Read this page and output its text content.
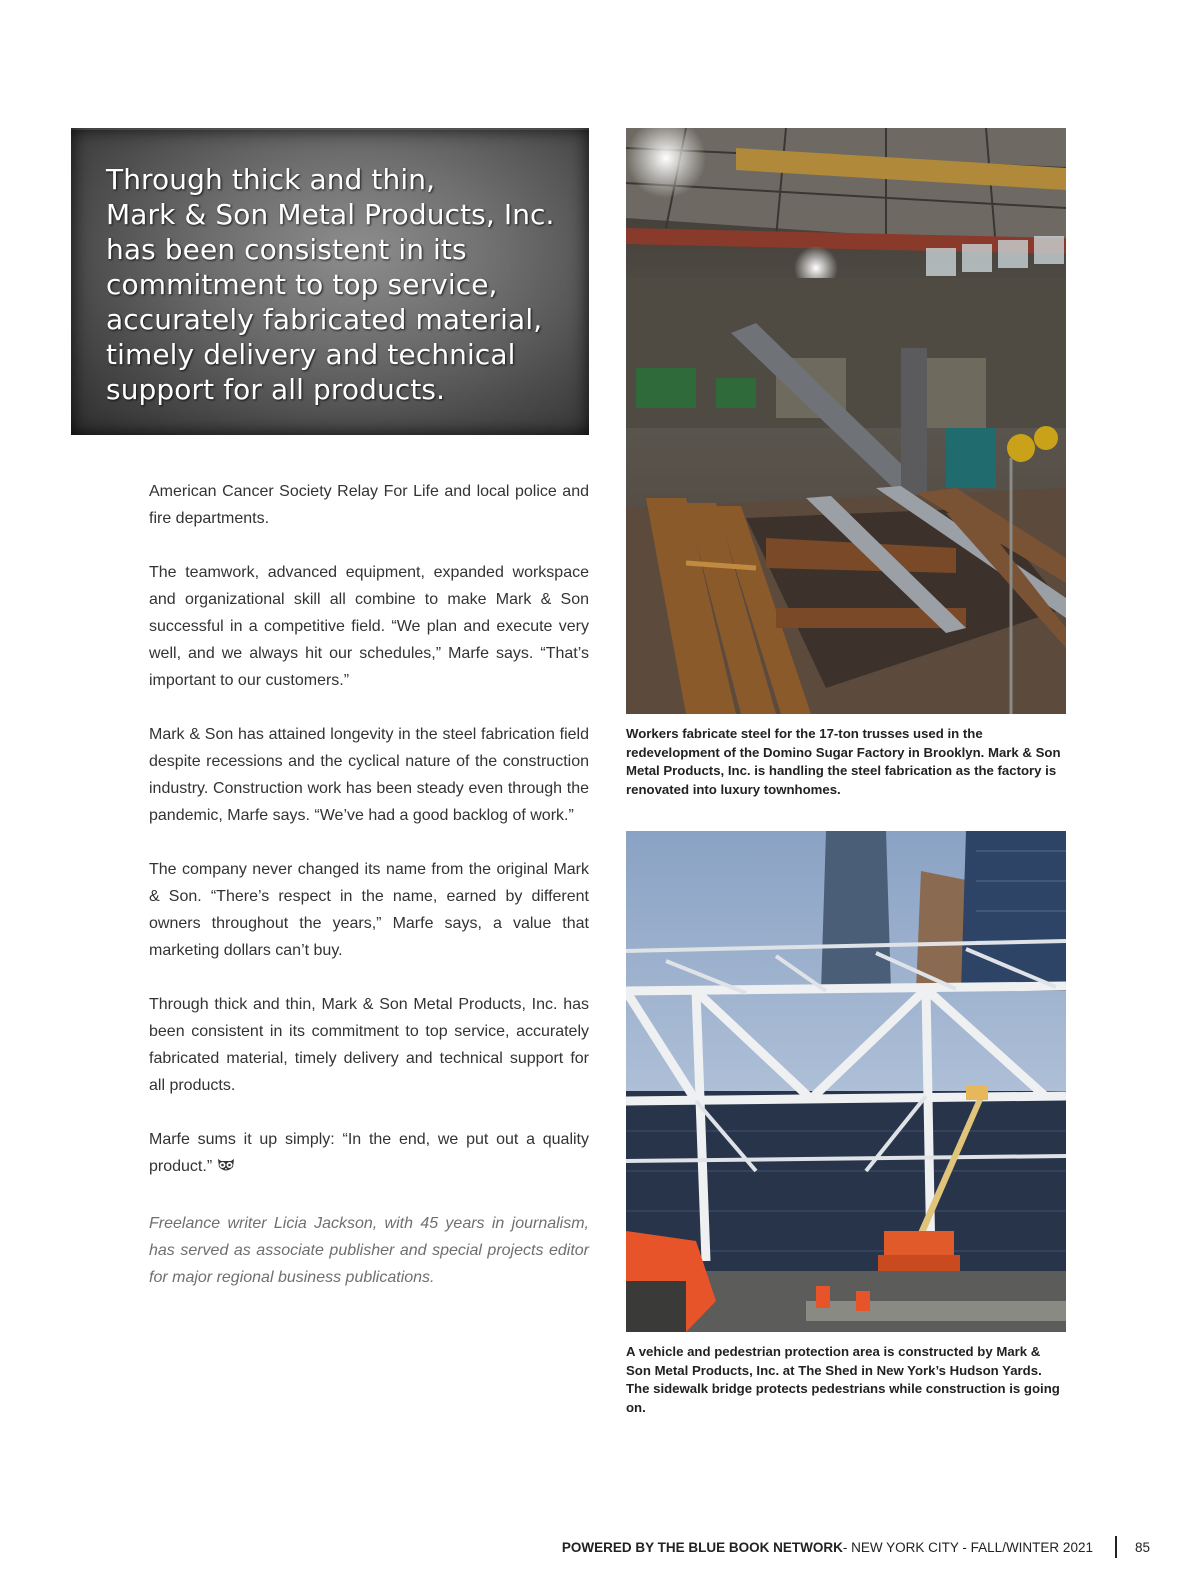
Through thick and thin,

Mark & Son Metal Products, Inc.

has been consistent in its

commitment to top service,

accurately fabricated material,

timely delivery and technical

support for all products.

American Cancer Society Relay For Life and local police and fire departments.

The teamwork, advanced equipment, expanded workspace and organizational skill all combine to make Mark & Son successful in a competitive field. “We plan and execute very well, and we always hit our schedules,” Marfe says. “That’s important to our customers.”

Mark & Son has attained longevity in the steel fabrication field despite recessions and the cyclical nature of the construction industry. Construction work has been steady even through the pandemic, Marfe says. “We’ve had a good backlog of work.”

The company never changed its name from the original Mark & Son. “There’s respect in the name, earned by different owners throughout the years,” Marfe says, a value that marketing dollars can’t buy.

Through thick and thin, Mark & Son Metal Products, Inc. has been consistent in its commitment to top service, accurately fabricated material, timely delivery and technical support for all products.

Marfe sums it up simply: “In the end, we put out a quality product.”

Freelance writer Licia Jackson, with 45 years in journalism, has served as associate publisher and special projects editor for major regional business publications.

Workers fabricate steel for the 17-ton trusses used in the redevelopment of the Domino Sugar Factory in Brooklyn. Mark & Son Metal Products, Inc. is handling the steel fabrication as the factory is renovated into luxury townhomes.

A vehicle and pedestrian protection area is constructed by Mark & Son Metal Products, Inc. at The Shed in New York’s Hudson Yards. The sidewalk bridge protects pedestrians while construction is going on.

POWERED BY THE BLUE BOOK NETWORK - NEW YORK CITY - FALL/WINTER 2021	85
